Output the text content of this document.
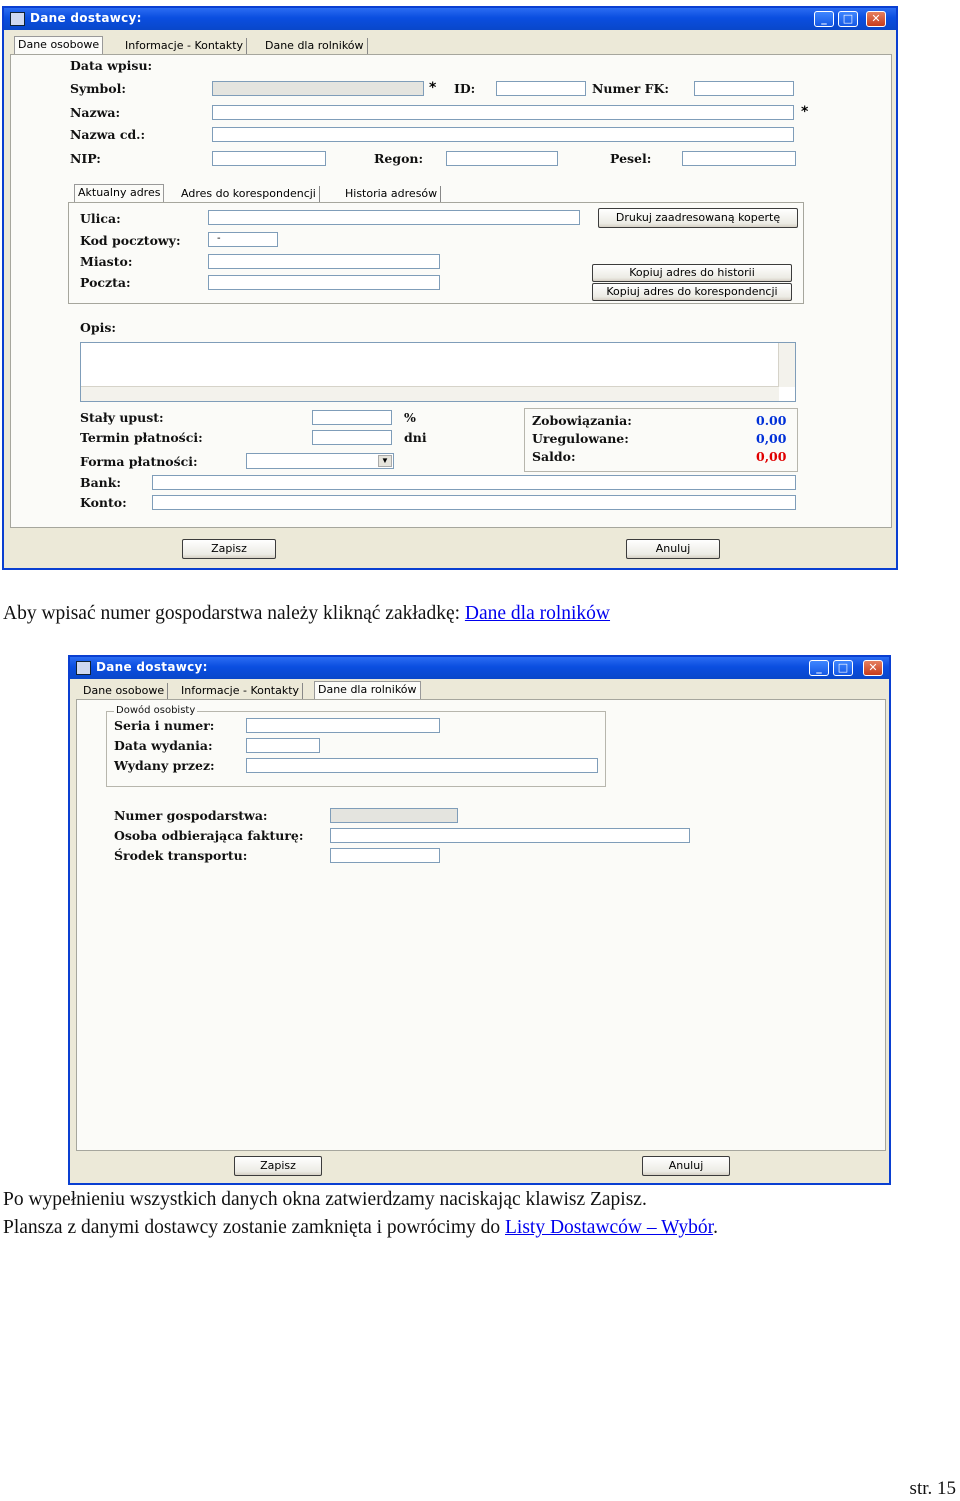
Dane dostawcy:	_	□	✕
Dane osobowe	Informacje - Kontakty	Dane dla rolników
Data wpisu:
Symbol:	* ID:	Numer FK:
Nazwa:	*
Nazwa cd.:
NIP:	Regon:	Pesel:
Aktualny adres	Adres do korespondencji	Historia adresów
Ulica:	Drukuj zaadresowaną kopertę
Kod pocztowy:	-
Miasto:
Poczta:
Kopiuj adres do historii
Kopiuj adres do korespondencji
Opis:
Stały upust:	%
Termin płatności:	dni
Forma płatności:	▼
Zobowiązania:	0.00
Uregulowane:	0,00
Saldo:	0,00
Bank:
Konto:
Zapisz	Anuluj
Aby wpisać numer gospodarstwa należy kliknąć zakładkę: Dane dla rolników
Dane dostawcy:	_	□	✕
Dane osobowe	Informacje - Kontakty	Dane dla rolników
Dowód osobisty
Seria i numer:
Data wydania:
Wydany przez:
Numer gospodarstwa:
Osoba odbierająca fakturę:
Środek transportu:
Zapisz	Anuluj
Po wypełnieniu wszystkich danych okna zatwierdzamy naciskając klawisz Zapisz.
Plansza z danymi dostawcy zostanie zamknięta i powrócimy do Listy Dostawców – Wybór.
str. 15
